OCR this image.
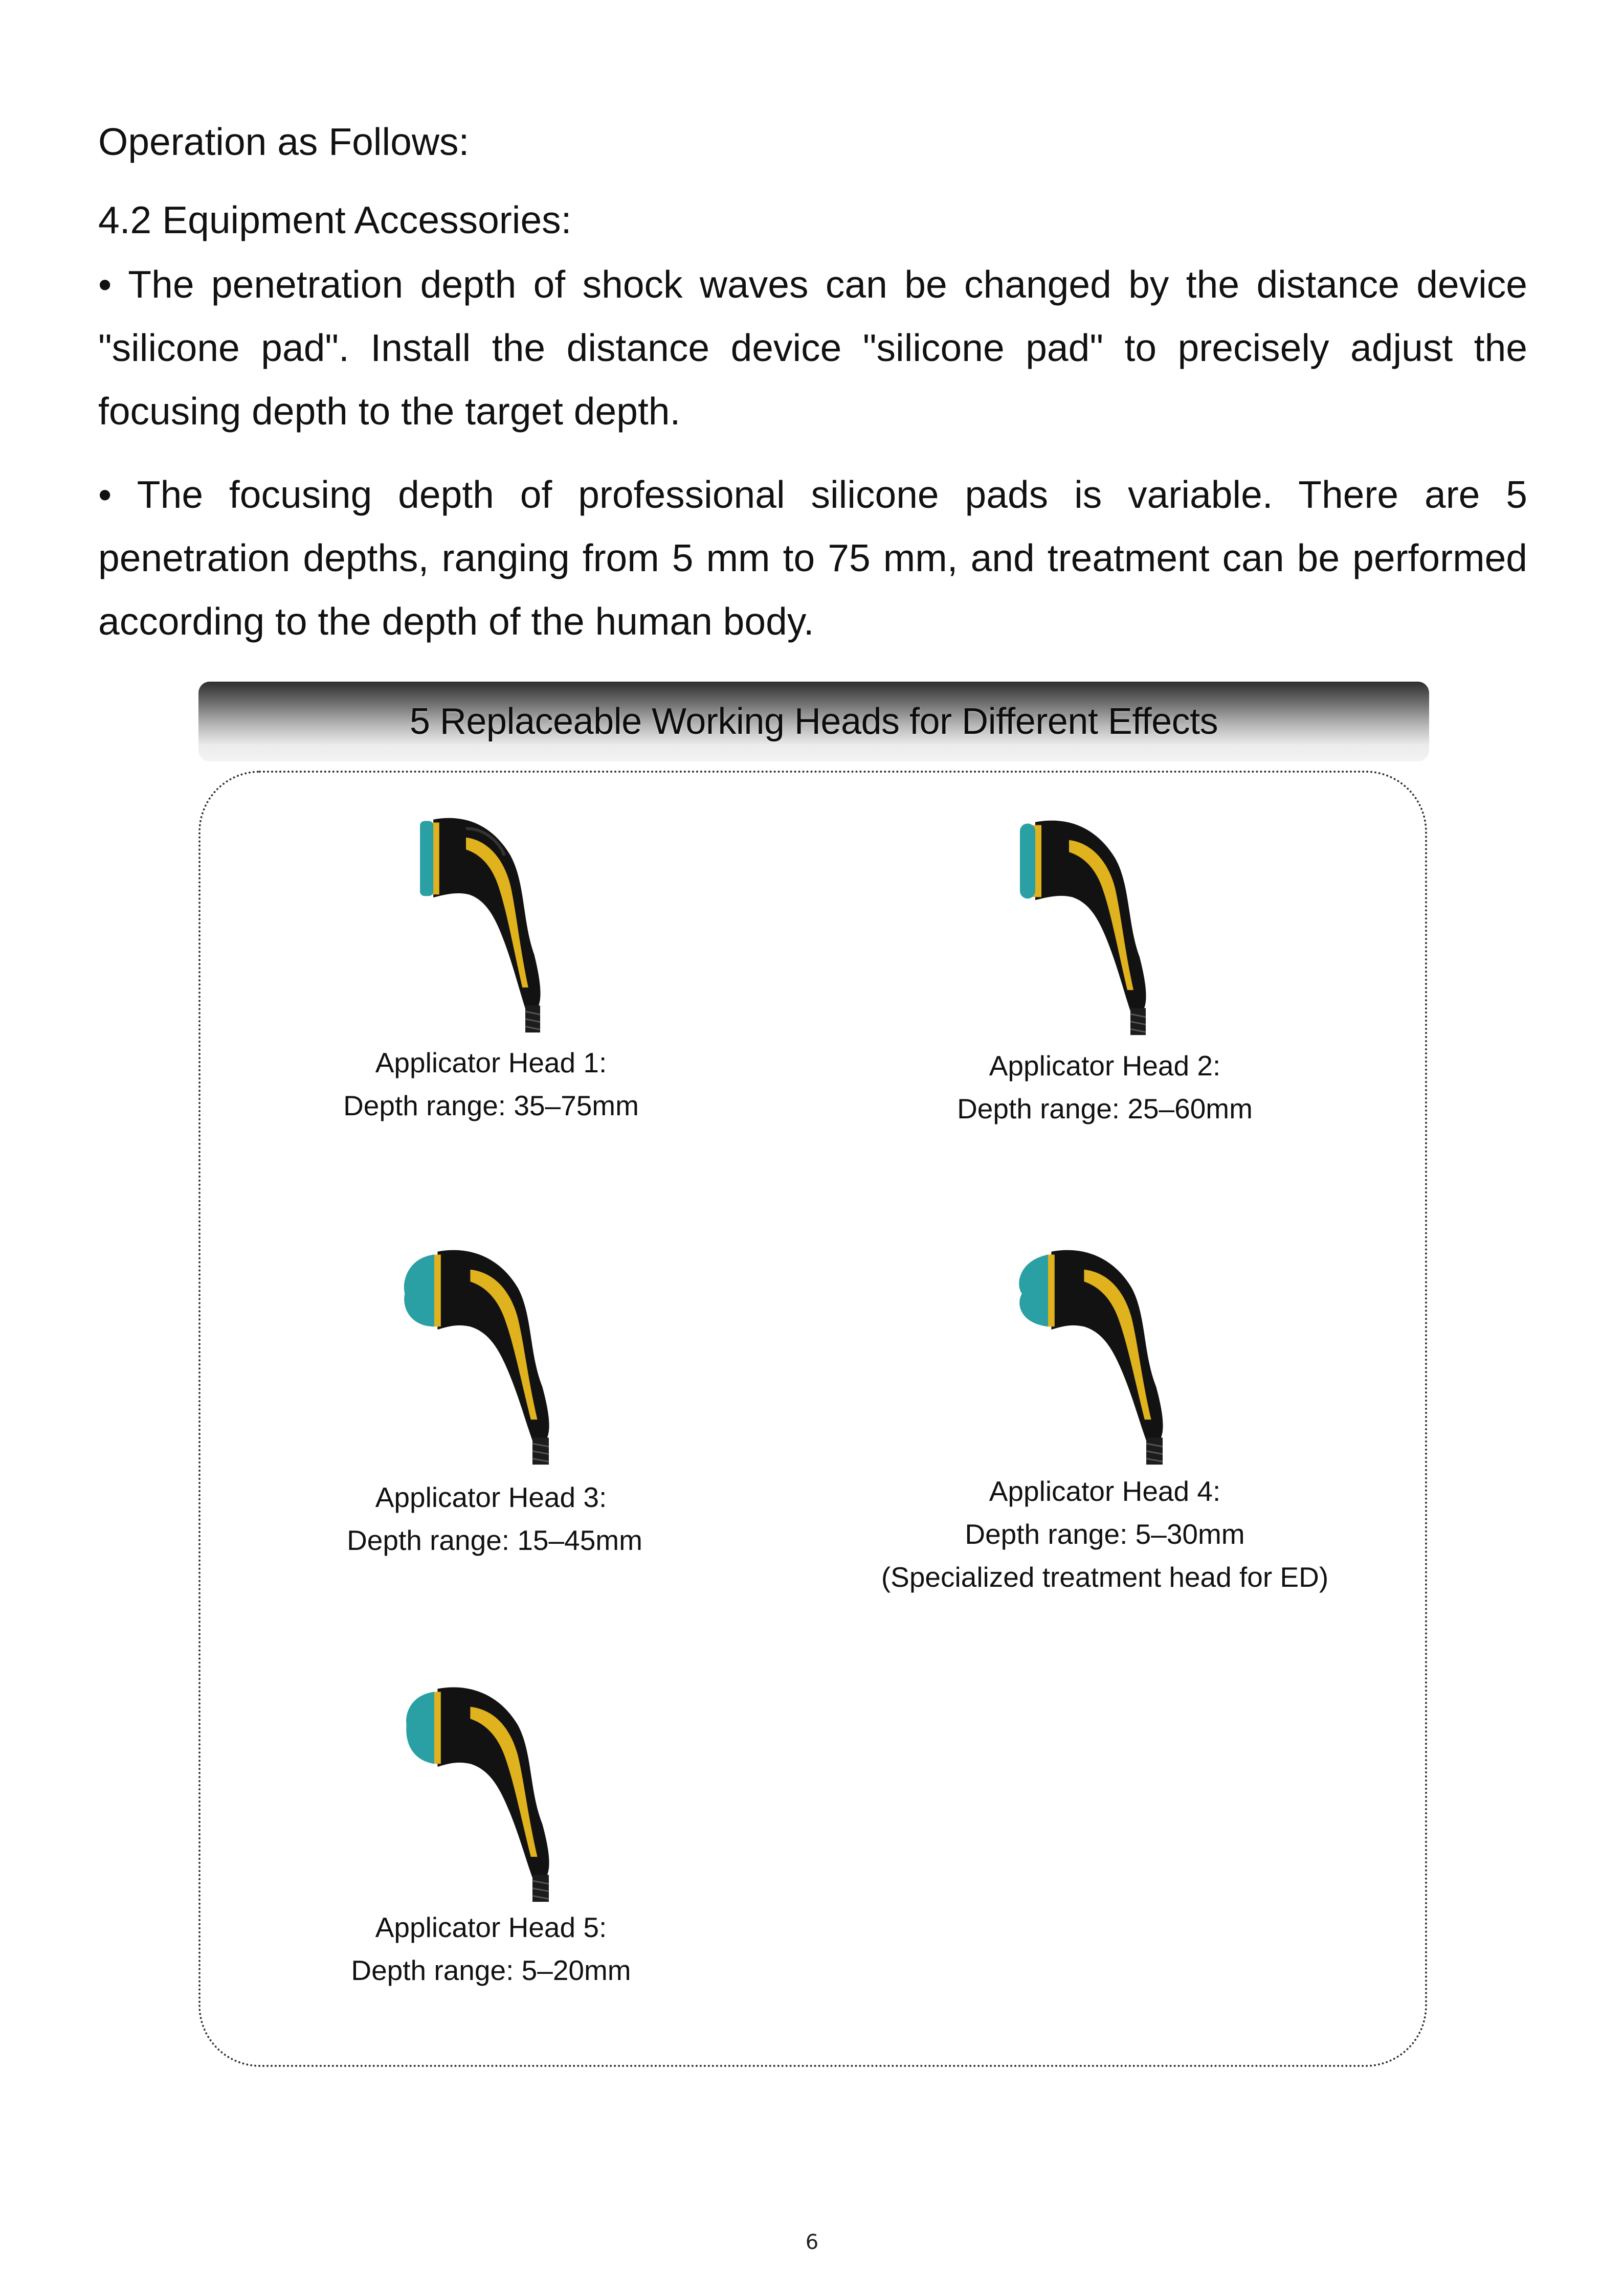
Operation as Follows:
4.2 Equipment Accessories:
• The penetration depth of shock waves can be changed by the distance device "silicone pad". Install the distance device "silicone pad" to precisely adjust the focusing depth to the target depth.
• The focusing depth of professional silicone pads is variable. There are 5 penetration depths, ranging from 5 mm to 75 mm, and treatment can be performed according to the depth of the human body.
5 Replaceable Working Heads for Different Effects
Applicator Head 1:
Depth range: 35–75mm
Applicator Head 2:
Depth range: 25–60mm
Applicator Head 3:
Depth range: 15–45mm
Applicator Head 4:
Depth range: 5–30mm
(Specialized treatment head for ED)
Applicator Head 5:
Depth range: 5–20mm
6
